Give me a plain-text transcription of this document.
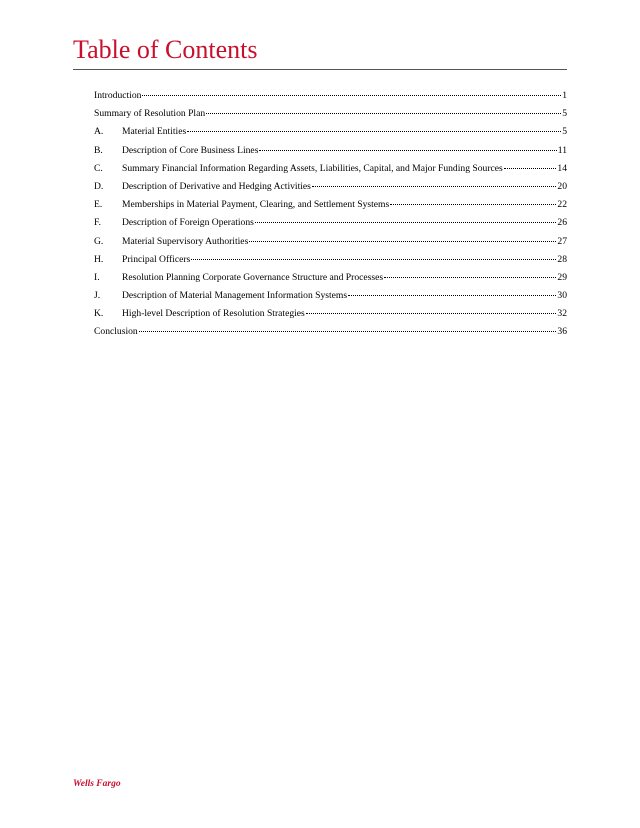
Table of Contents
Introduction	1
Summary of Resolution Plan	5
A.	Material Entities	5
B.	Description of Core Business Lines	11
C.	Summary Financial Information Regarding Assets, Liabilities, Capital, and Major Funding Sources	14
D.	Description of Derivative and Hedging Activities	20
E.	Memberships in Material Payment, Clearing, and Settlement Systems	22
F.	Description of Foreign Operations	26
G.	Material Supervisory Authorities	27
H.	Principal Officers	28
I.	Resolution Planning Corporate Governance Structure and Processes	29
J.	Description of Material Management Information Systems	30
K.	High-level Description of Resolution Strategies	32
Conclusion	36
Wells Fargo
